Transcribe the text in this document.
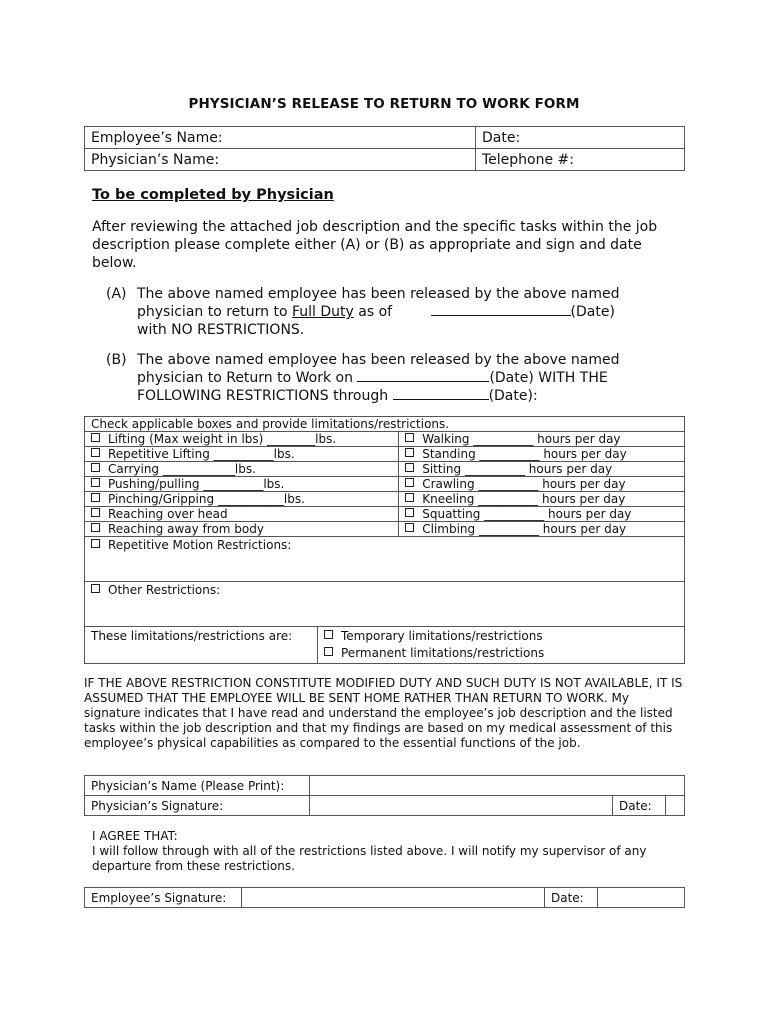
PHYSICIAN’S RELEASE TO RETURN TO WORK FORM
Employee’s Name:	Date:
Physician’s Name:	Telephone #:
To be completed by Physician
After reviewing the attached job description and the specific tasks within the job description please complete either (A) or (B) as appropriate and sign and date below.
(A) The above named employee has been released by the above named physician to return to Full Duty as of	(Date)
with NO RESTRICTIONS.
(B) The above named employee has been released by the above named physician to Return to Work on	(Date) WITH THE
FOLLOWING RESTRICTIONS through	(Date):
Check applicable boxes and provide limitations/restrictions.		
Lifting (Max weight in lbs) ________lbs.		Walking __________ hours per day
Repetitive Lifting __________lbs.		Standing __________ hours per day
Carrying ____________lbs.		Sitting __________ hours per day
Pushing/pulling __________lbs.		Crawling __________ hours per day
Pinching/Gripping ___________lbs.		Kneeling __________ hours per day
Reaching over head		Squatting __________ hours per day
Reaching away from body		Climbing __________ hours per day
Repetitive Motion Restrictions:		
Other Restrictions:		
These limitations/restrictions are:	Temporary limitations/restrictions
Permanent limitations/restrictions	
IF THE ABOVE RESTRICTION CONSTITUTE MODIFIED DUTY AND SUCH DUTY IS NOT AVAILABLE, IT IS ASSUMED THAT THE EMPLOYEE WILL BE SENT HOME RATHER THAN RETURN TO WORK. My signature indicates that I have read and understand the employee’s job description and the listed tasks within the job description and that my findings are based on my medical assessment of this employee’s physical capabilities as compared to the essential functions of the job.
Physician’s Name (Please Print):			
Physician’s Signature:		Date:	
I AGREE THAT:
I will follow through with all of the restrictions listed above. I will notify my supervisor of any departure from these restrictions.
Employee’s Signature:		Date:	
